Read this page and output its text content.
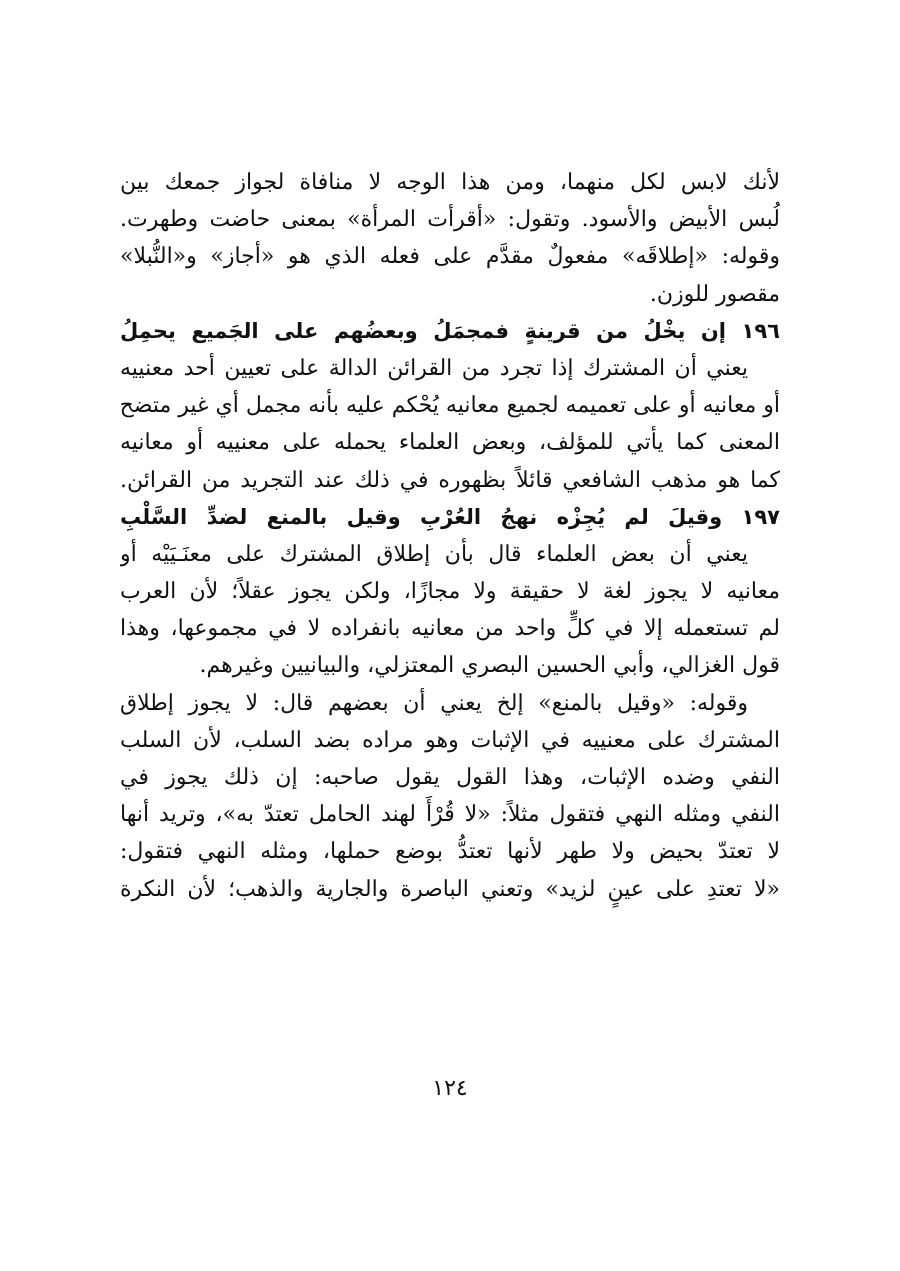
لأنك لابس لكل منهما، ومن هذا الوجه لا منافاة لجواز جمعك بين
لُبس الأبيض والأسود. وتقول: «أقرأت المرأة» بمعنى حاضت وطهرت.
وقوله: «إطلاقَه» مفعولٌ مقدَّم على فعله الذي هو «أجاز» و«النُّبلا»
مقصور للوزن.
١٩٦ إن يخْلُ من قرينةٍ فمجمَلُ وبعضُهم على الجَميع يحمِلُ
يعني أن المشترك إذا تجرد من القرائن الدالة على تعيين أحد معنييه
أو معانيه أو على تعميمه لجميع معانيه يُحْكم عليه بأنه مجمل أي غير متضح
المعنى كما يأتي للمؤلف، وبعض العلماء يحمله على معنييه أو معانيه
كما هو مذهب الشافعي قائلاً بظهوره في ذلك عند التجريد من القرائن.
١٩٧ وقيلَ لم يُجِزْه نهجُ العُرْبِ وقيل بالمنع لضدِّ السَّلْبِ
يعني أن بعض العلماء قال بأن إطلاق المشترك على معنَـيَيْه أو
معانيه لا يجوز لغة لا حقيقة ولا مجازًا، ولكن يجوز عقلاً؛ لأن العرب
لم تستعمله إلا في كلٍّ واحد من معانيه بانفراده لا في مجموعها، وهذا
قول الغزالي، وأبي الحسين البصري المعتزلي، والبيانيين وغيرهم.
وقوله: «وقيل بالمنع» إلخ يعني أن بعضهم قال: لا يجوز إطلاق
المشترك على معنييه في الإثبات وهو مراده بضد السلب، لأن السلب
النفي وضده الإثبات، وهذا القول يقول صاحبه: إن ذلك يجوز في
النفي ومثله النهي فتقول مثلاً: «لا قُرْأَ لهند الحامل تعتدّ به»، وتريد أنها
لا تعتدّ بحيض ولا طهر لأنها تعتدُّ بوضع حملها، ومثله النهي فتقول:
«لا تعتدِ على عينٍ لزيد» وتعني الباصرة والجارية والذهب؛ لأن النكرة
١٢٤
